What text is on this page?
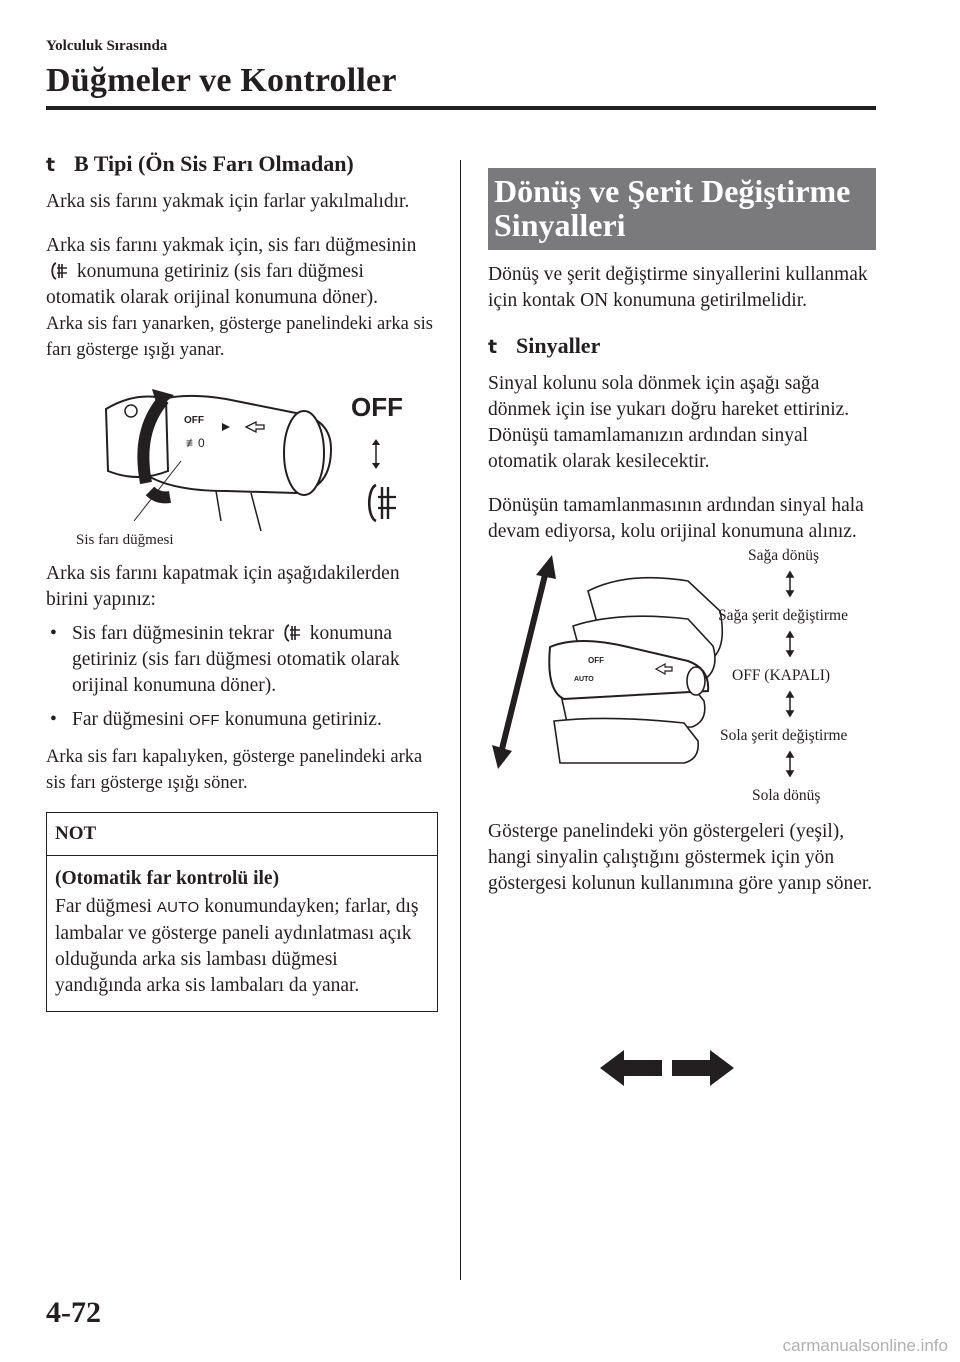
Yolculuk Sırasında
Düğmeler ve Kontroller
t B Tipi (Ön Sis Farı Olmadan)

Arka sis farını yakmak için farlar yakılmalıdır.

Arka sis farını yakmak için, sis farı düğmesinin  konumuna getiriniz (sis farı düğmesi otomatik olarak orijinal konumuna döner).

Arka sis farı yanarken, gösterge panelindeki arka sis farı gösterge ışığı yanar.

OFF
≢0
OFF
Sis farı düğmesi

Arka sis farını kapatmak için aşağıdakilerden birini yapınız:

• Sis farı düğmesinin tekrar konumuna getiriniz (sis farı düğmesi otomatik olarak orijinal konumuna döner).
• Far düğmesini OFF konumuna getiriniz.

Arka sis farı kapalıyken, gösterge panelindeki arka sis farı gösterge ışığı söner.

NOT
(Otomatik far kontrolü ile)

Far düğmesi AUTO konumundayken; farlar, dış lambalar ve gösterge paneli aydınlatması açık olduğunda arka sis lambası düğmesi yandığında arka sis lambaları da yanar.

Dönüş ve Şerit Değiştirme Sinyalleri

Dönüş ve şerit değiştirme sinyallerini kullanmak için kontak ON konumuna getirilmelidir.

t Sinyaller

Sinyal kolunu sola dönmek için aşağı sağa dönmek için ise yukarı doğru hareket ettiriniz. Dönüşü tamamlamanızın ardından sinyal otomatik olarak kesilecektir.

Dönüşün tamamlanmasının ardından sinyal hala devam ediyorsa, kolu orijinal konumuna alınız.

OFF
AUTO
Sağa dönüş
Sağa şerit değiştirme
OFF (KAPALI)
Sola şerit değiştirme
Sola dönüş

Gösterge panelindeki yön göstergeleri (yeşil), hangi sinyalin çalıştığını göstermek için yön göstergesi kolunun kullanımına göre yanıp söner.

4-72
carmanualsonline.info
